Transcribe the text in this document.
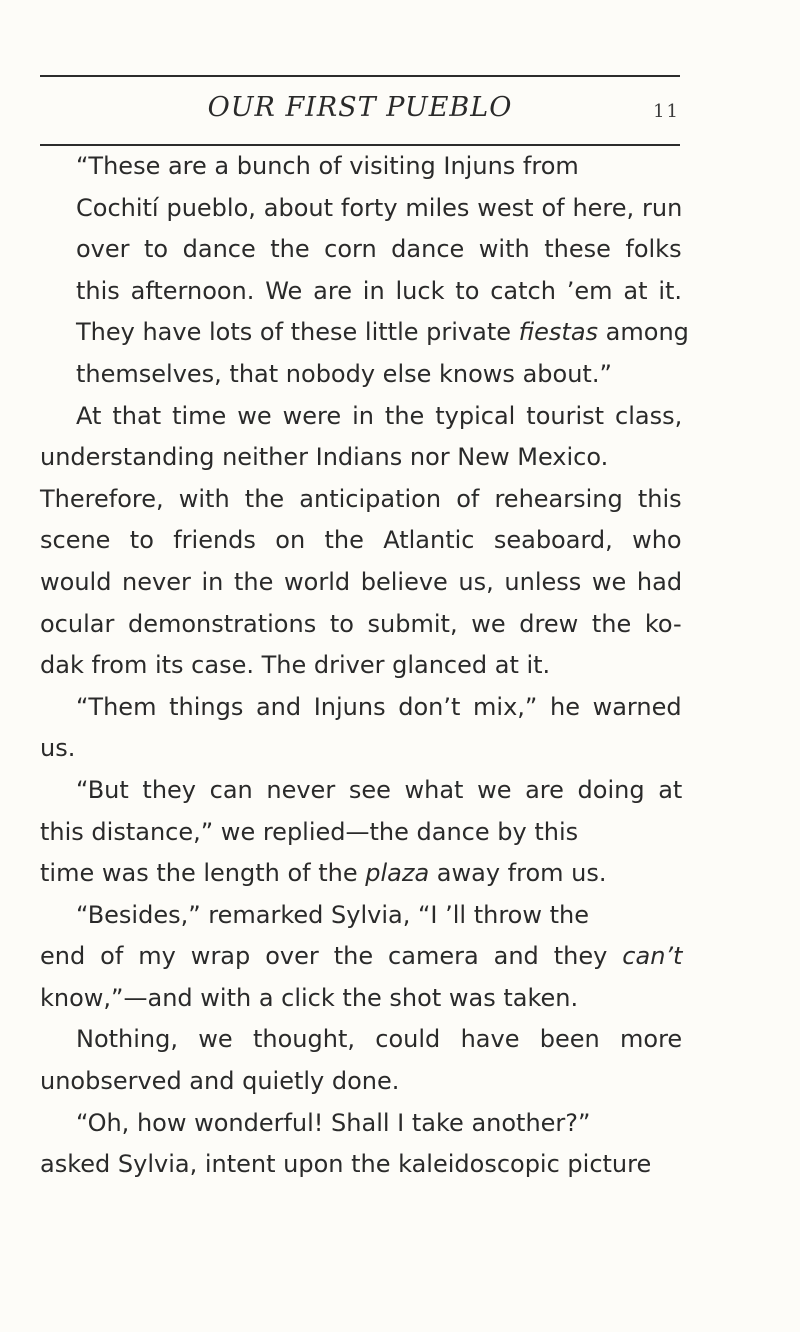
OUR FIRST PUEBLO	11

“These are a bunch of visiting Injuns from
Cochití pueblo, about forty miles west of here, run
over to dance the corn dance with these folks
this afternoon. We are in luck to catch ’em at it.
They have lots of these little private fiestas among
themselves, that nobody else knows about.”

At that time we were in the typical tourist class,
understanding neither Indians nor New Mexico.
Therefore, with the anticipation of rehearsing this
scene to friends on the Atlantic seaboard, who
would never in the world believe us, unless we had
ocular demonstrations to submit, we drew the ko-
dak from its case. The driver glanced at it.

“Them things and Injuns don’t mix,” he warned
us.

“But they can never see what we are doing at
this distance,” we replied—the dance by this
time was the length of the plaza away from us.

“Besides,” remarked Sylvia, “I ’ll throw the
end of my wrap over the camera and they can’t
know,”—and with a click the shot was taken.

Nothing, we thought, could have been more
unobserved and quietly done.

“Oh, how wonderful! Shall I take another?”
asked Sylvia, intent upon the kaleidoscopic picture
